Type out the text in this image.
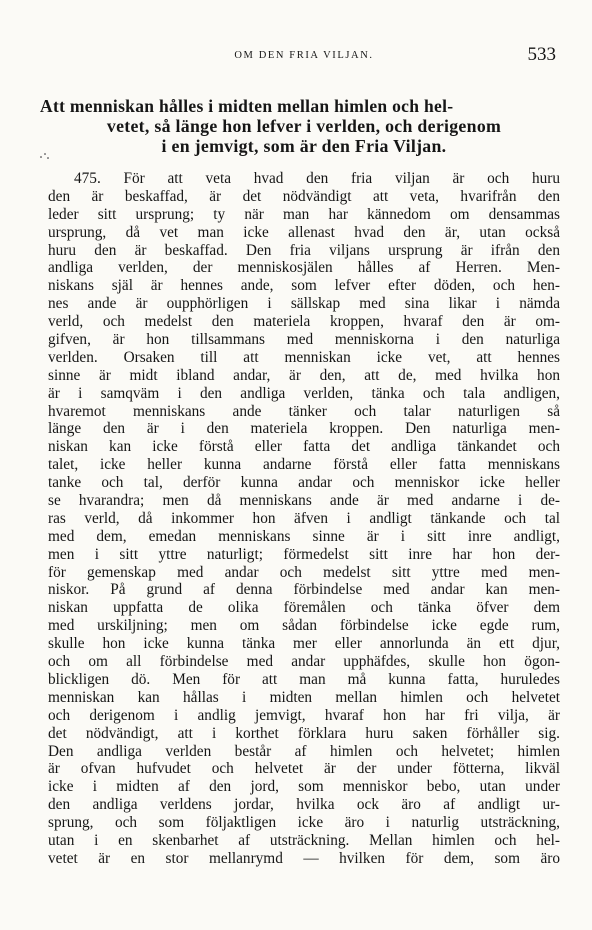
OM DEN FRIA VILJAN.	533
Att menniskan hålles i midten mellan himlen och hel-
vetet, så länge hon lefver i verlden, och derigenom
i en jemvigt, som är den Fria Viljan.
475. För att veta hvad den fria viljan är och huru
den är beskaffad, är det nödvändigt att veta, hvarifrån den
leder sitt ursprung; ty när man har kännedom om densammas
ursprung, då vet man icke allenast hvad den är, utan också
huru den är beskaffad. Den fria viljans ursprung är ifrån den
andliga verlden, der menniskosjälen hålles af Herren. Men-
niskans själ är hennes ande, som lefver efter döden, och hen-
nes ande är oupphörligen i sällskap med sina likar i nämda
verld, och medelst den materiela kroppen, hvaraf den är om-
gifven, är hon tillsammans med menniskorna i den naturliga
verlden. Orsaken till att menniskan icke vet, att hennes
sinne är midt ibland andar, är den, att de, med hvilka hon
är i samqväm i den andliga verlden, tänka och tala andligen,
hvaremot menniskans ande tänker och talar naturligen så
länge den är i den materiela kroppen. Den naturliga men-
niskan kan icke förstå eller fatta det andliga tänkandet och
talet, icke heller kunna andarne förstå eller fatta menniskans
tanke och tal, derför kunna andar och menniskor icke heller
se hvarandra; men då menniskans ande är med andarne i de-
ras verld, då inkommer hon äfven i andligt tänkande och tal
med dem, emedan menniskans sinne är i sitt inre andligt,
men i sitt yttre naturligt; förmedelst sitt inre har hon der-
för gemenskap med andar och medelst sitt yttre med men-
niskor. På grund af denna förbindelse med andar kan men-
niskan uppfatta de olika föremålen och tänka öfver dem
med urskiljning; men om sådan förbindelse icke egde rum,
skulle hon icke kunna tänka mer eller annorlunda än ett djur,
och om all förbindelse med andar upphäfdes, skulle hon ögon-
blickligen dö. Men för att man må kunna fatta, huruledes
menniskan kan hållas i midten mellan himlen och helvetet
och derigenom i andlig jemvigt, hvaraf hon har fri vilja, är
det nödvändigt, att i korthet förklara huru saken förhåller sig.
Den andliga verlden består af himlen och helvetet; himlen
är ofvan hufvudet och helvetet är der under fötterna, likväl
icke i midten af den jord, som menniskor bebo, utan under
den andliga verldens jordar, hvilka ock äro af andligt ur-
sprung, och som följaktligen icke äro i naturlig utsträckning,
utan i en skenbarhet af utsträckning. Mellan himlen och hel-
vetet är en stor mellanrymd — hvilken för dem, som äro
